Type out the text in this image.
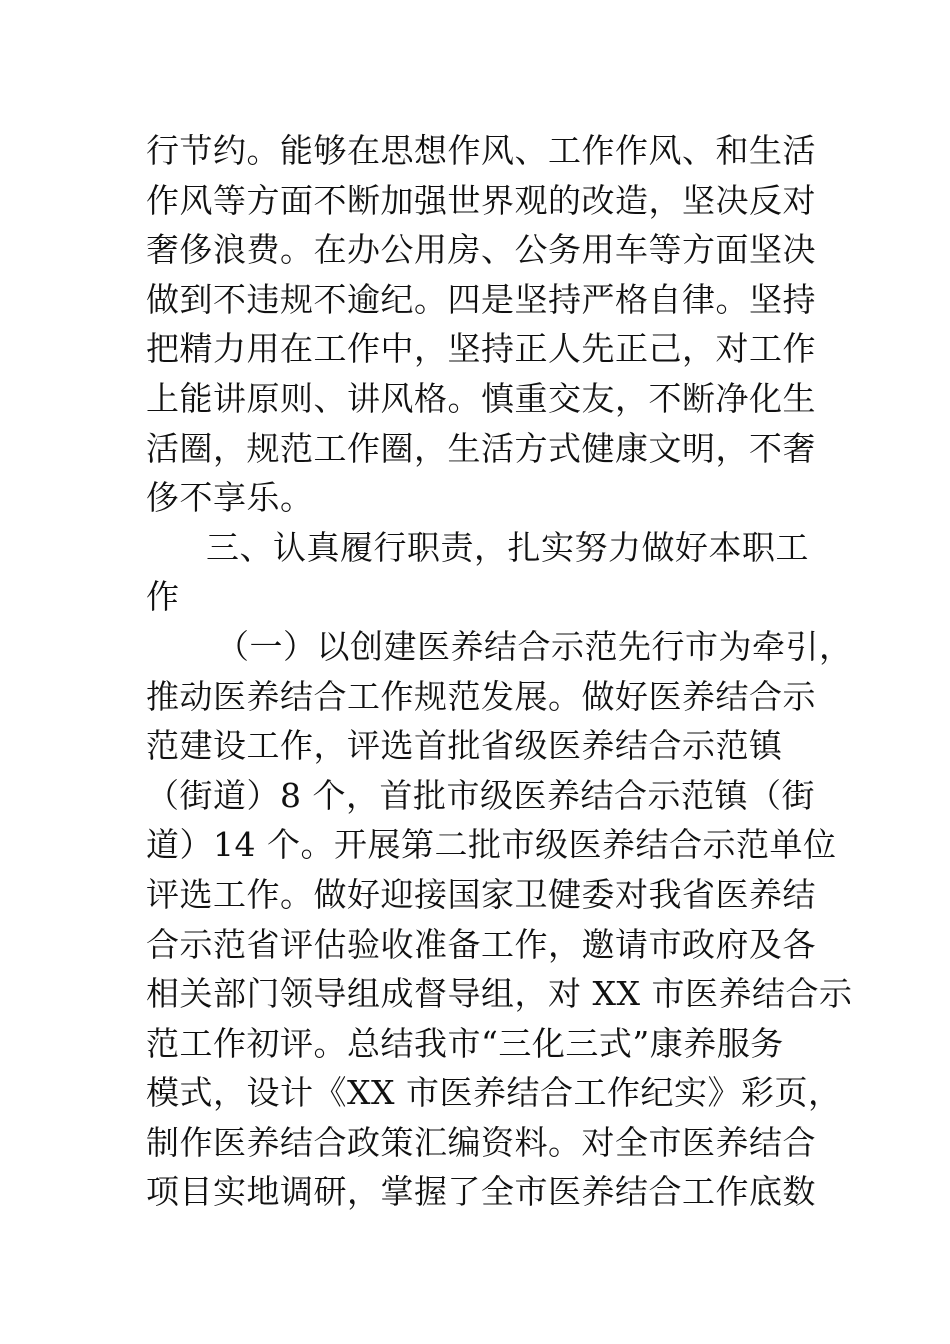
行节约。能够在思想作风、工作作风、和生活
作风等方面不断加强世界观的改造，坚决反对
奢侈浪费。在办公用房、公务用车等方面坚决
做到不违规不逾纪。四是坚持严格自律。坚持
把精力用在工作中，坚持正人先正己，对工作
上能讲原则、讲风格。慎重交友，不断净化生
活圈，规范工作圈，生活方式健康文明，不奢
侈不享乐。
三、认真履行职责，扎实努力做好本职工
作
（一）以创建医养结合示范先行市为牵引，
推动医养结合工作规范发展。做好医养结合示
范建设工作，评选首批省级医养结合示范镇
（街道）8 个，首批市级医养结合示范镇（街
道）14 个。开展第二批市级医养结合示范单位
评选工作。做好迎接国家卫健委对我省医养结
合示范省评估验收准备工作，邀请市政府及各
相关部门领导组成督导组，对 XX 市医养结合示
范工作初评。总结我市“三化三式”康养服务
模式，设计《XX 市医养结合工作纪实》彩页，
制作医养结合政策汇编资料。对全市医养结合
项目实地调研，掌握了全市医养结合工作底数
